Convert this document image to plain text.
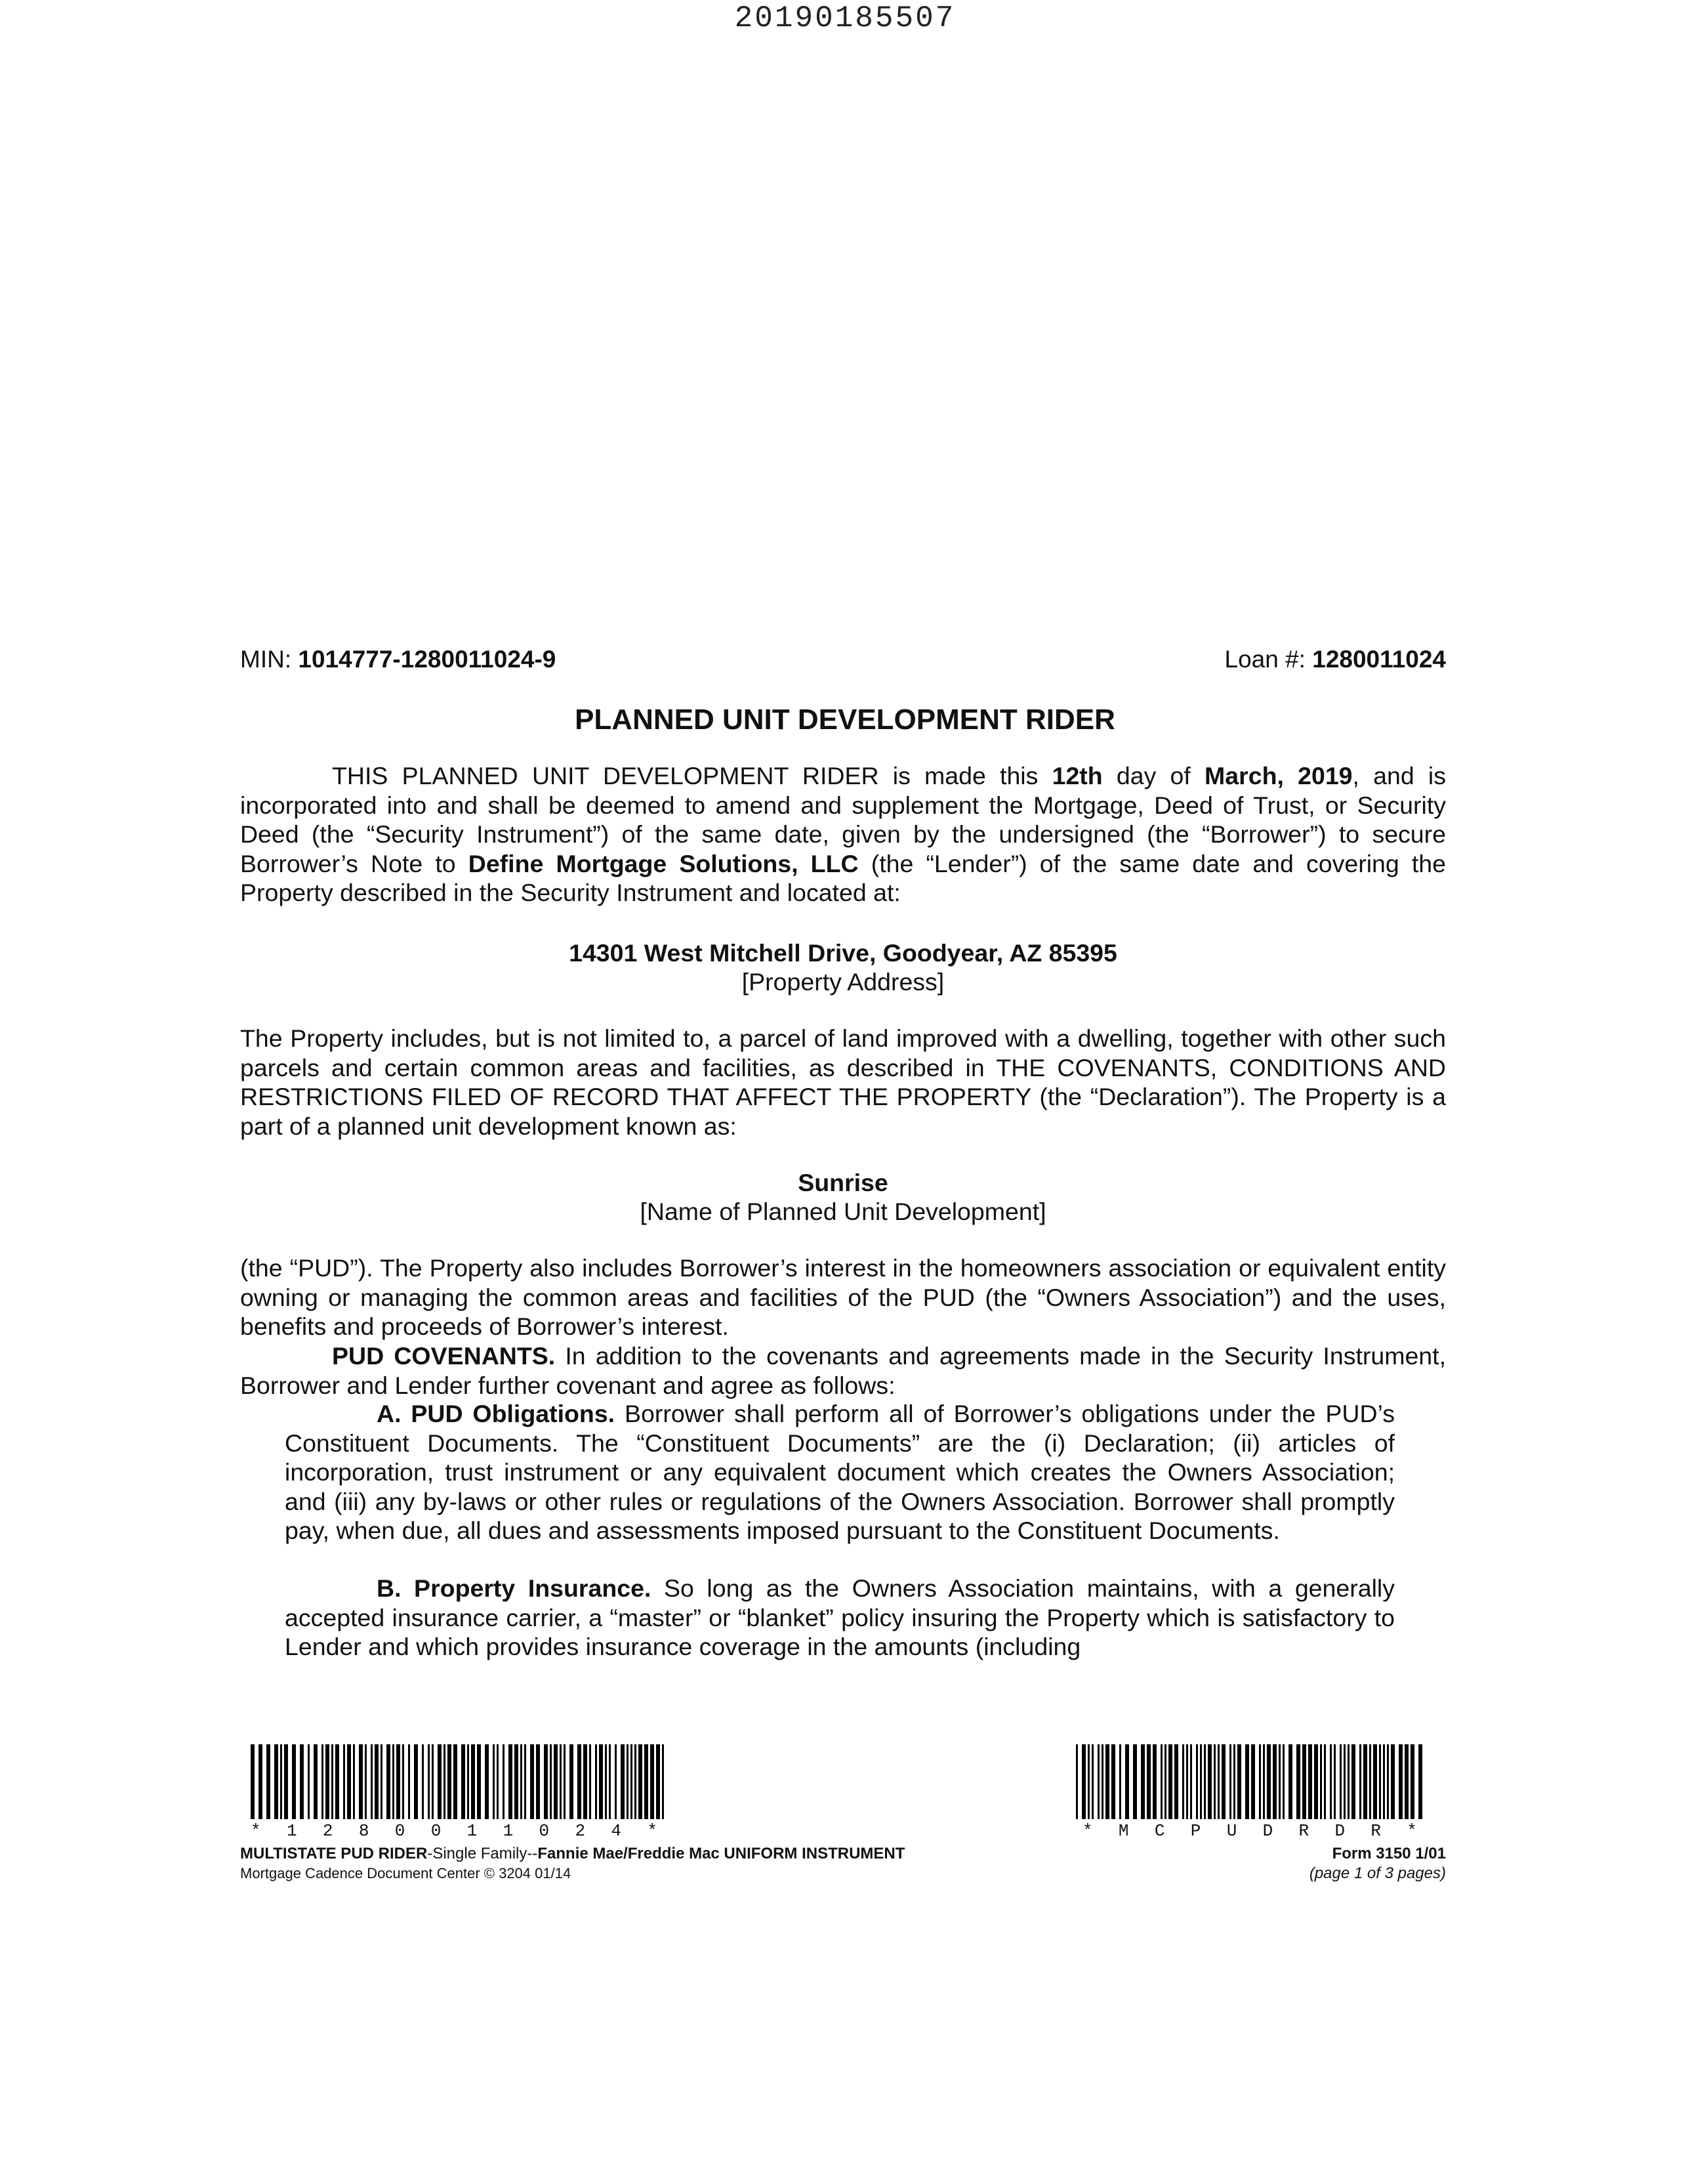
20190185507
MIN: 1014777-1280011024-9	Loan #: 1280011024
PLANNED UNIT DEVELOPMENT RIDER
THIS PLANNED UNIT DEVELOPMENT RIDER is made this 12th day of March, 2019, and is incorporated into and shall be deemed to amend and supplement the Mortgage, Deed of Trust, or Security Deed (the “Security Instrument”) of the same date, given by the undersigned (the “Borrower”) to secure Borrower’s Note to Define Mortgage Solutions, LLC (the “Lender”) of the same date and covering the Property described in the Security Instrument and located at:
14301 West Mitchell Drive, Goodyear, AZ 85395
[Property Address]
The Property includes, but is not limited to, a parcel of land improved with a dwelling, together with other such parcels and certain common areas and facilities, as described in THE COVENANTS, CONDITIONS AND RESTRICTIONS FILED OF RECORD THAT AFFECT THE PROPERTY (the “Declaration”). The Property is a part of a planned unit development known as:
Sunrise
[Name of Planned Unit Development]
(the “PUD”). The Property also includes Borrower’s interest in the homeowners association or equivalent entity owning or managing the common areas and facilities of the PUD (the “Owners Association”) and the uses, benefits and proceeds of Borrower’s interest.
PUD COVENANTS. In addition to the covenants and agreements made in the Security Instrument, Borrower and Lender further covenant and agree as follows:
A. PUD Obligations. Borrower shall perform all of Borrower’s obligations under the PUD’s Constituent Documents. The “Constituent Documents” are the (i) Declaration; (ii) articles of incorporation, trust instrument or any equivalent document which creates the Owners Association; and (iii) any by-laws or other rules or regulations of the Owners Association. Borrower shall promptly pay, when due, all dues and assessments imposed pursuant to the Constituent Documents.
B. Property Insurance. So long as the Owners Association maintains, with a generally accepted insurance carrier, a “master” or “blanket” policy insuring the Property which is satisfactory to Lender and which provides insurance coverage in the amounts (including
* 1 2 8 0 0 1 1 0 2 4 *	* M C P U D R D R *
MULTISTATE PUD RIDER-Single Family--Fannie Mae/Freddie Mac UNIFORM INSTRUMENT
Mortgage Cadence Document Center © 3204 01/14
Form 3150 1/01
(page 1 of 3 pages)
